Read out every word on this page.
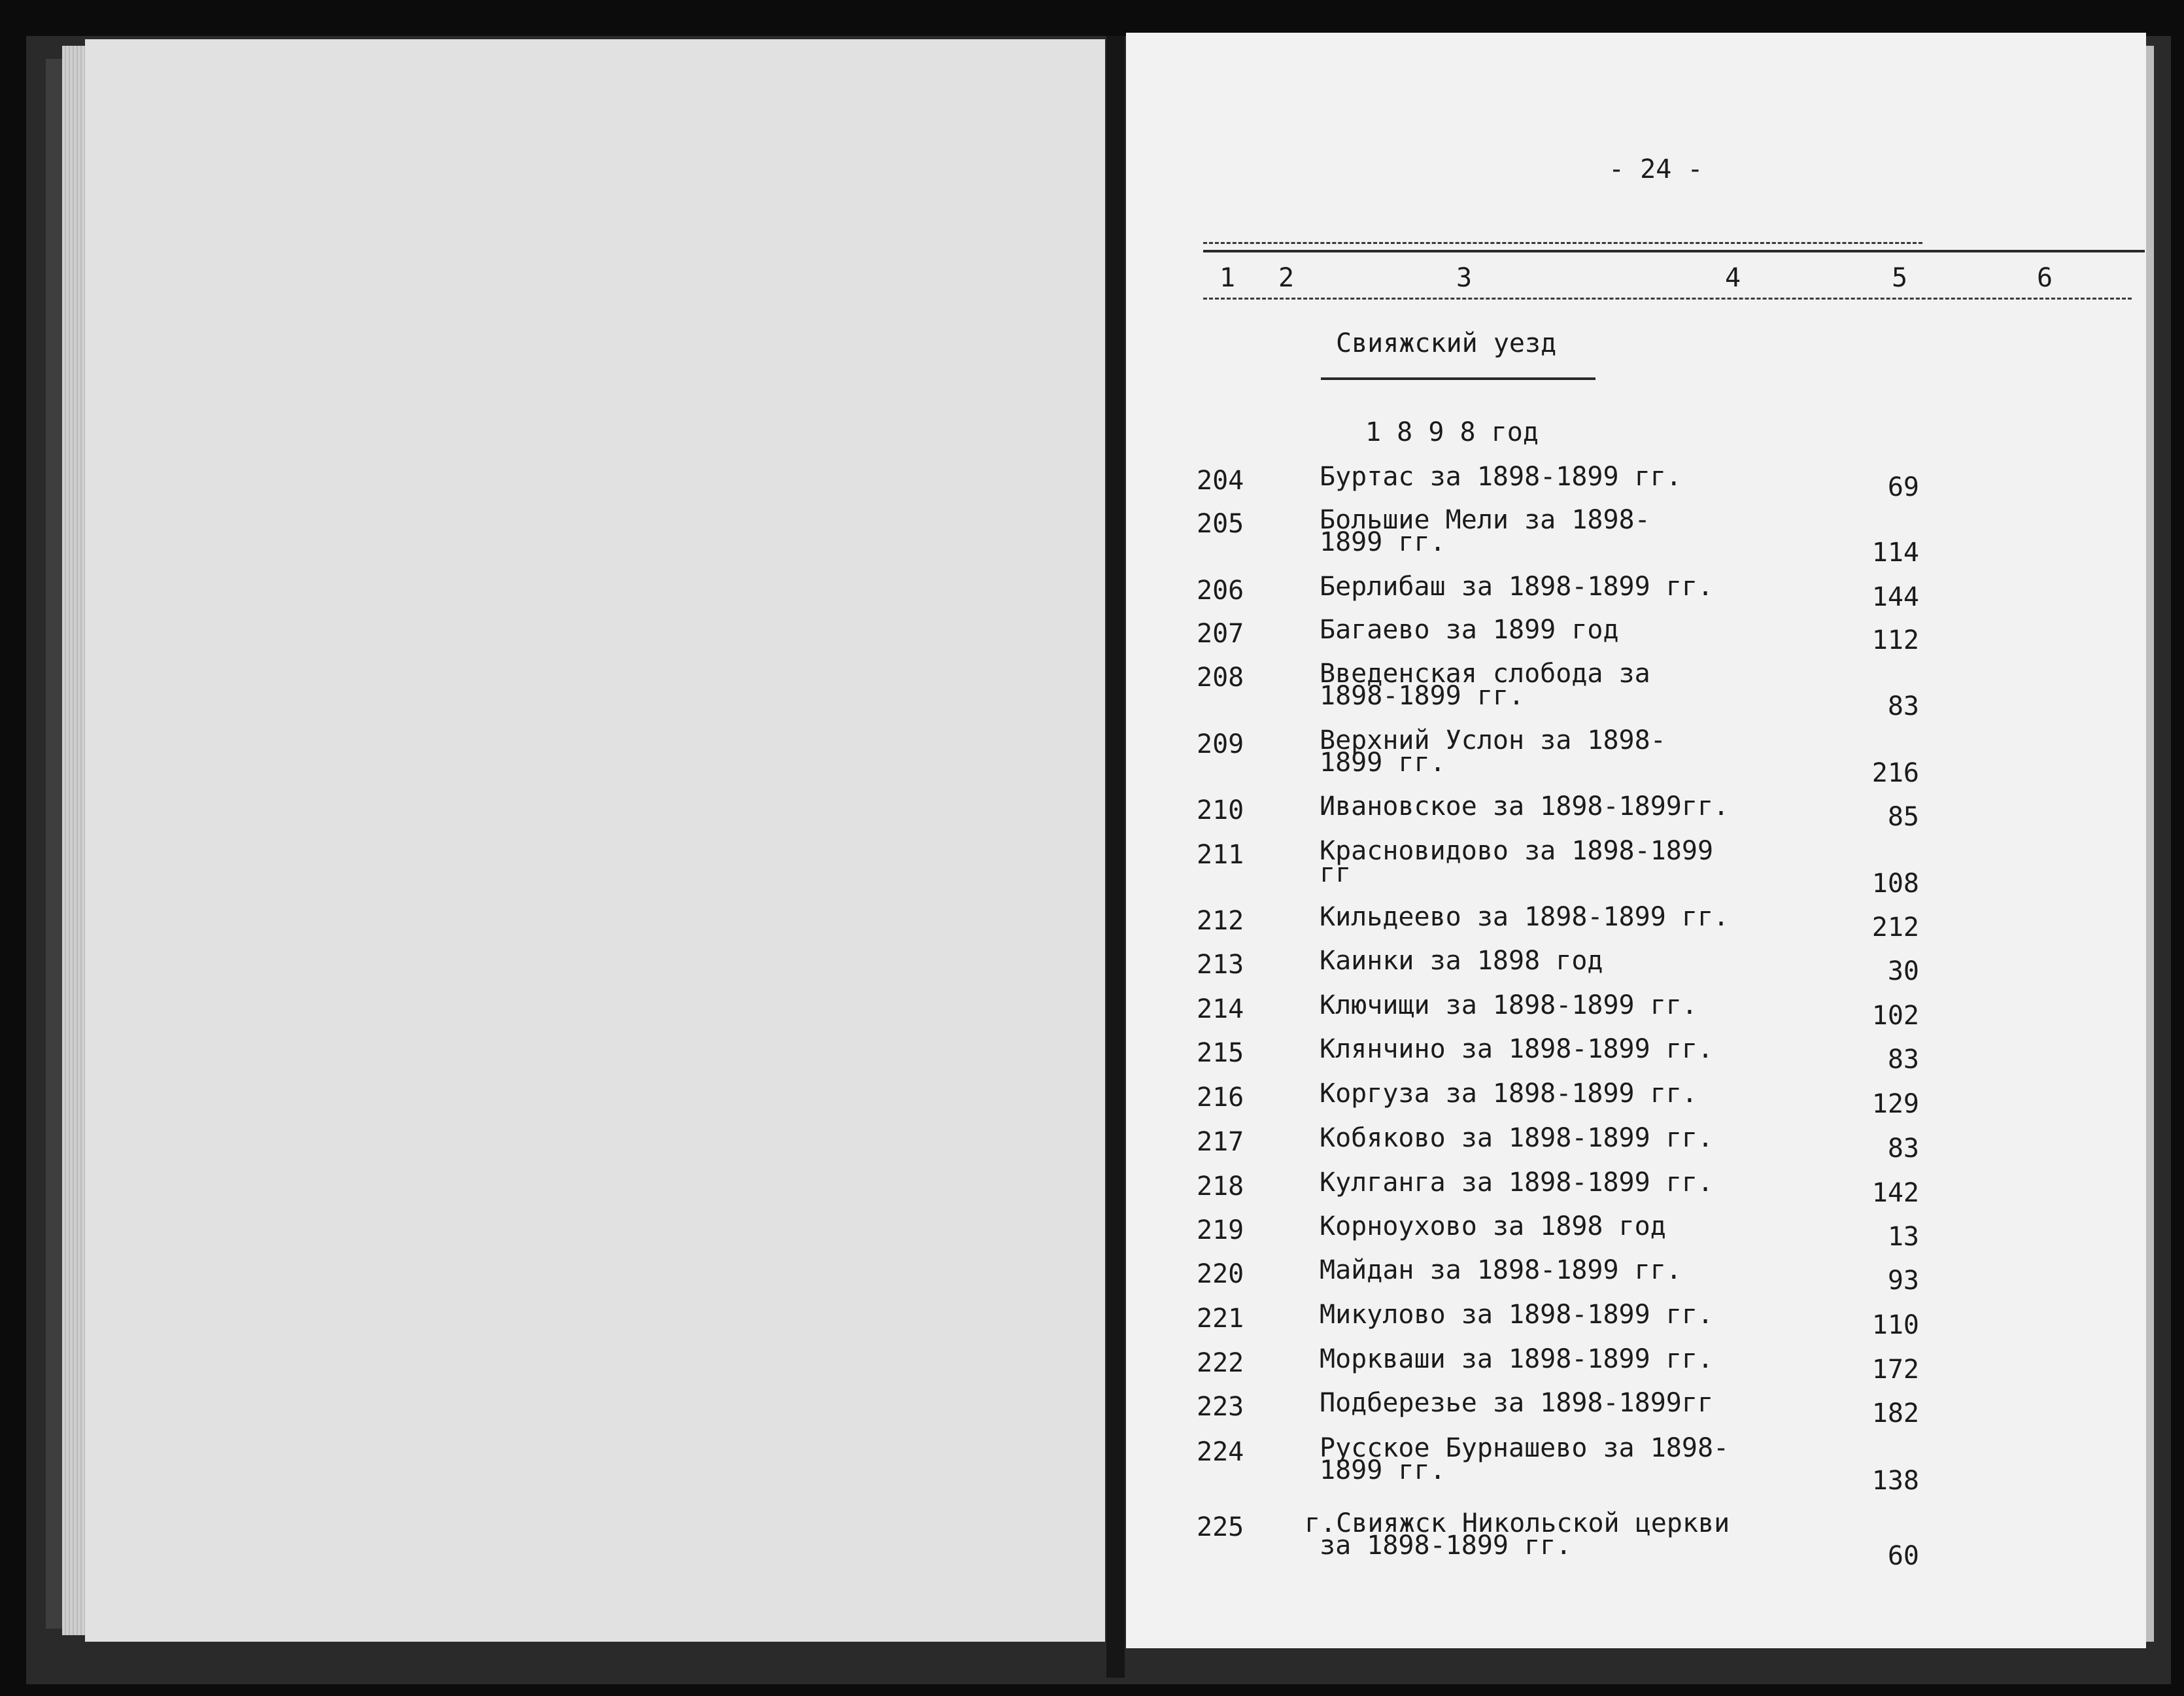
- 24 -
1 2	3	4	5	6
Свияжский уезд
1 8 9 8 год
204	Буртас за 1898-1899 гг.	69
205	Большие Мели за 1898-
1899 гг.	114
206	Берлибаш за 1898-1899 гг.	144
207	Багаево за 1899 год	112
208	Введенская слобода за
1898-1899 гг.	83
209	Верхний Услон за 1898-
1899 гг.	216
210	Ивановское за 1898-1899гг.	85
211	Красновидово за 1898-1899
гг	108
212	Кильдеево за 1898-1899 гг.	212
213	Каинки за 1898 год	30
214	Ключищи за 1898-1899 гг.	102
215	Клянчино за 1898-1899 гг.	83
216	Коргуза за 1898-1899 гг.	129
217	Кобяково за 1898-1899 гг.	83
218	Кулганга за 1898-1899 гг.	142
219	Корноухово за 1898 год	13
220	Майдан за 1898-1899 гг.	93
221	Микулово за 1898-1899 гг.	110
222	Моркваши за 1898-1899 гг.	172
223	Подберезье за 1898-1899гг	182
224	Русское Бурнашево за 1898-
1899 гг.	138
225 г.Свияжск Никольской церкви
за 1898-1899 гг.	60
